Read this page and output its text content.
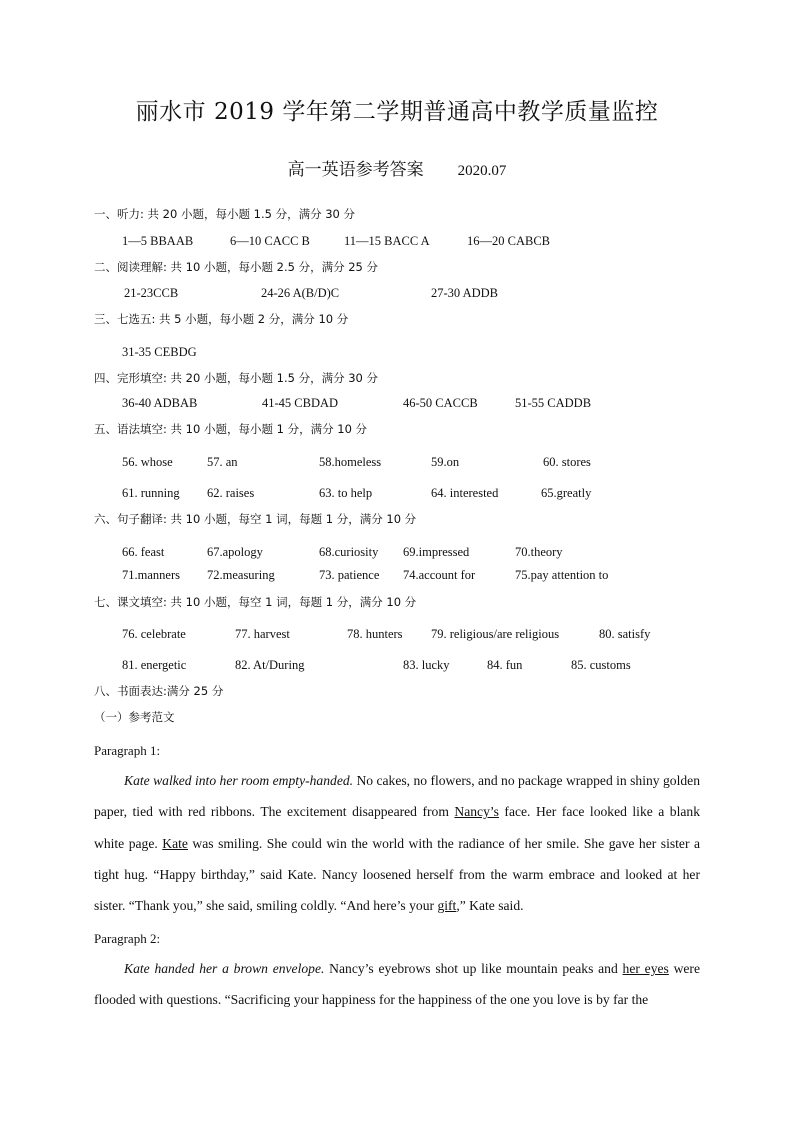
丽水市 2019 学年第二学期普通高中教学质量监控
高一英语参考答案 2020.07
一、听力: 共 20 小题，每小题 1.5 分，满分 30 分
1—5 BBAAB	6—10 CACC B	11—15 BACC A	16—20 CABCB
二、阅读理解: 共 10 小题，每小题 2.5 分，满分 25 分
21-23CCB	24-26 A(B/D)C	27-30 ADDB
三、七选五: 共 5 小题，每小题 2 分，满分 10 分
31-35 CEBDG
四、完形填空: 共 20 小题，每小题 1.5 分，满分 30 分
36-40 ADBAB	41-45 CBDAD	46-50 CACCB	51-55 CADDB
五、语法填空: 共 10 小题，每小题 1 分，满分 10 分
56. whose	57. an	58.homeless	59.on	60. stores
61. running 62. raises	63. to help	64. interested	65.greatly
六、句子翻译: 共 10 小题，每空 1 词，每题 1 分，满分 10 分
66. feast	67.apology	68.curiosity 69.impressed	70.theory
71.manners 72.measuring	73. patience 74.account for	75.pay attention to
七、课文填空: 共 10 小题，每空 1 词，每题 1 分，满分 10 分
76. celebrate	77. harvest	78. hunters 79. religious/are religious	80. satisfy
81. energetic	82. At/During	83. lucky	84. fun	85. customs
八、书面表达:满分 25 分
（一）参考范文
Paragraph 1:
Kate walked into her room empty-handed. No cakes, no flowers, and no package wrapped in shiny golden paper, tied with red ribbons. The excitement disappeared from Nancy’s face. Her face looked like a blank white page. Kate was smiling. She could win the world with the radiance of her smile. She gave her sister a tight hug. “Happy birthday,” said Kate. Nancy loosened herself from the warm embrace and looked at her sister. “Thank you,” she said, smiling coldly. “And here’s your gift,” Kate said.
Paragraph 2:
Kate handed her a brown envelope. Nancy’s eyebrows shot up like mountain peaks and her eyes were flooded with questions. “Sacrificing your happiness for the happiness of the one you love is by far the
